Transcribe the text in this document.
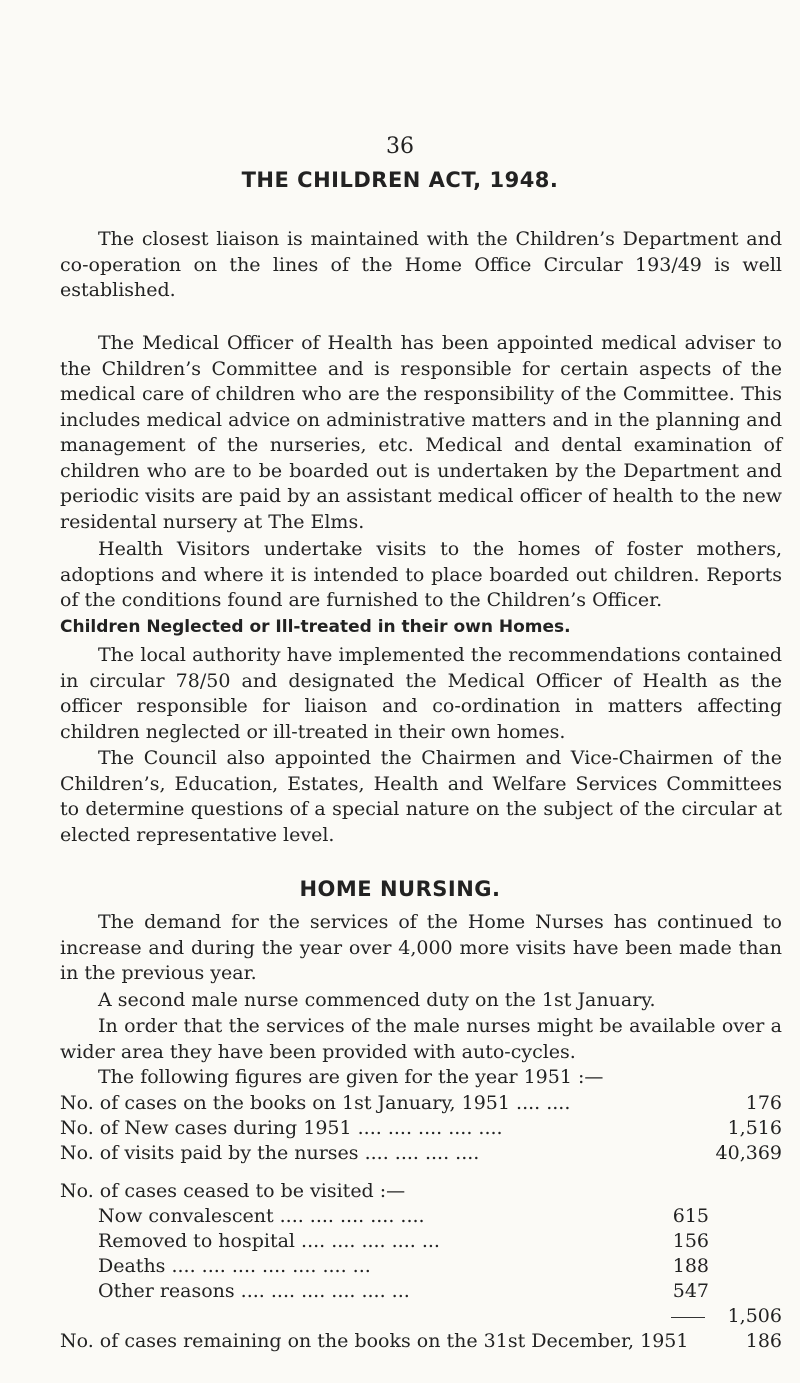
36
THE CHILDREN ACT, 1948.

The closest liaison is maintained with the Children’s Department and co-operation on the lines of the Home Office Circular 193/49 is well established.

The Medical Officer of Health has been appointed medical adviser to the Children’s Committee and is responsible for certain aspects of the medical care of children who are the responsibility of the Committee. This includes medical advice on administrative matters and in the planning and management of the nurseries, etc. Medical and dental examination of children who are to be boarded out is undertaken by the Department and periodic visits are paid by an assistant medical officer of health to the new residental nursery at The Elms.

Health Visitors undertake visits to the homes of foster mothers, adoptions and where it is intended to place boarded out children. Reports of the conditions found are furnished to the Children’s Officer.

Children Neglected or Ill-treated in their own Homes.

The local authority have implemented the recommendations contained in circular 78/50 and designated the Medical Officer of Health as the officer responsible for liaison and co-ordination in matters affecting children neglected or ill-treated in their own homes.

The Council also appointed the Chairmen and Vice-Chairmen of the Children’s, Education, Estates, Health and Welfare Services Committees to determine questions of a special nature on the subject of the circular at elected representative level.

HOME NURSING.

The demand for the services of the Home Nurses has continued to increase and during the year over 4,000 more visits have been made than in the previous year.

A second male nurse commenced duty on the 1st January.

In order that the services of the male nurses might be available over a wider area they have been provided with auto-cycles.

The following figures are given for the year 1951 :—
No. of cases on the books on 1st January, 1951 .... ....	176
No. of New cases during 1951 .... .... .... .... ....	1,516
No. of visits paid by the nurses .... .... .... ....	40,369
No. of cases ceased to be visited :—
Now convalescent .... .... .... .... ....	615
Removed to hospital .... .... .... .... ...	156
Deaths .... .... .... .... .... .... ...	188
Other reasons .... .... .... .... .... ...	547
1,506
No. of cases remaining on the books on the 31st December, 1951	186
